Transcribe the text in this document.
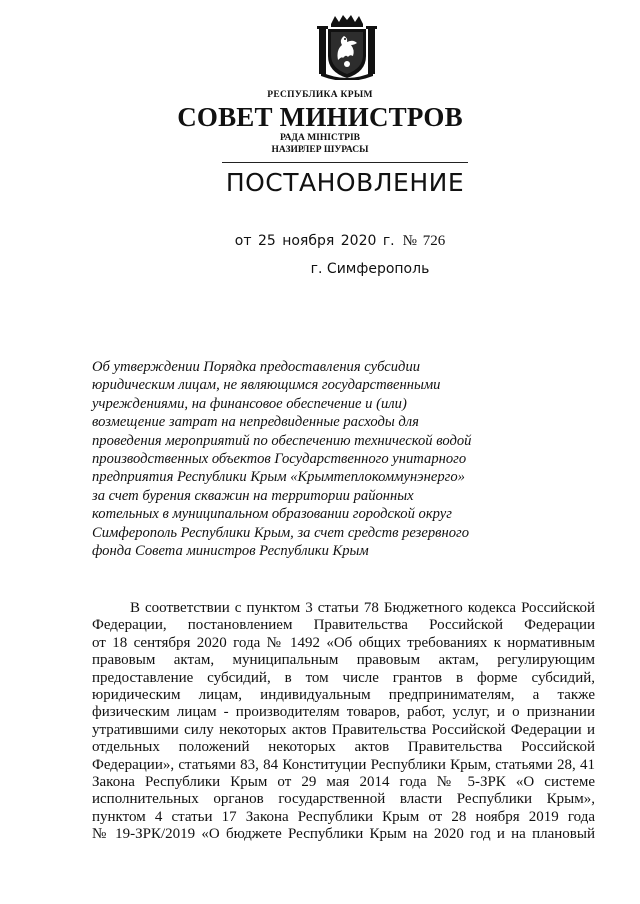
РЕСПУБЛИКА КРЫМ
СОВЕТ МИНИСТРОВ
РАДА МІНІСТРІВ
НАЗИРЛЕР ШУРАСЫ
ПОСТАНОВЛЕНИЕ
от 25 ноября 2020 г. № 726
г. Симферополь
Об утверждении Порядка предоставления субсидии
юридическим лицам, не являющимся государственными
учреждениями, на финансовое обеспечение и (или)
возмещение затрат на непредвиденные расходы для
проведения мероприятий по обеспечению технической водой
производственных объектов Государственного унитарного
предприятия Республики Крым «Крымтеплокоммунэнерго»
за счет бурения скважин на территории районных
котельных в муниципальном образовании городской округ
Симферополь Республики Крым, за счет средств резервного
фонда Совета министров Республики Крым
В соответствии с пунктом 3 статьи 78 Бюджетного кодекса Российской
Федерации, постановлением Правительства Российской Федерации
от 18 сентября 2020 года № 1492 «Об общих требованиях к нормативным
правовым актам, муниципальным правовым актам, регулирующим
предоставление субсидий, в том числе грантов в форме субсидий,
юридическим лицам, индивидуальным предпринимателям, а также
физическим лицам - производителям товаров, работ, услуг, и о признании
утратившими силу некоторых актов Правительства Российской Федерации и
отдельных положений некоторых актов Правительства Российской
Федерации», статьями 83, 84 Конституции Республики Крым, статьями 28, 41
Закона Республики Крым от 29 мая 2014 года № 5-ЗРК «О системе
исполнительных органов государственной власти Республики Крым»,
пунктом 4 статьи 17 Закона Республики Крым от 28 ноября 2019 года
№ 19-ЗРК/2019 «О бюджете Республики Крым на 2020 год и на плановый
